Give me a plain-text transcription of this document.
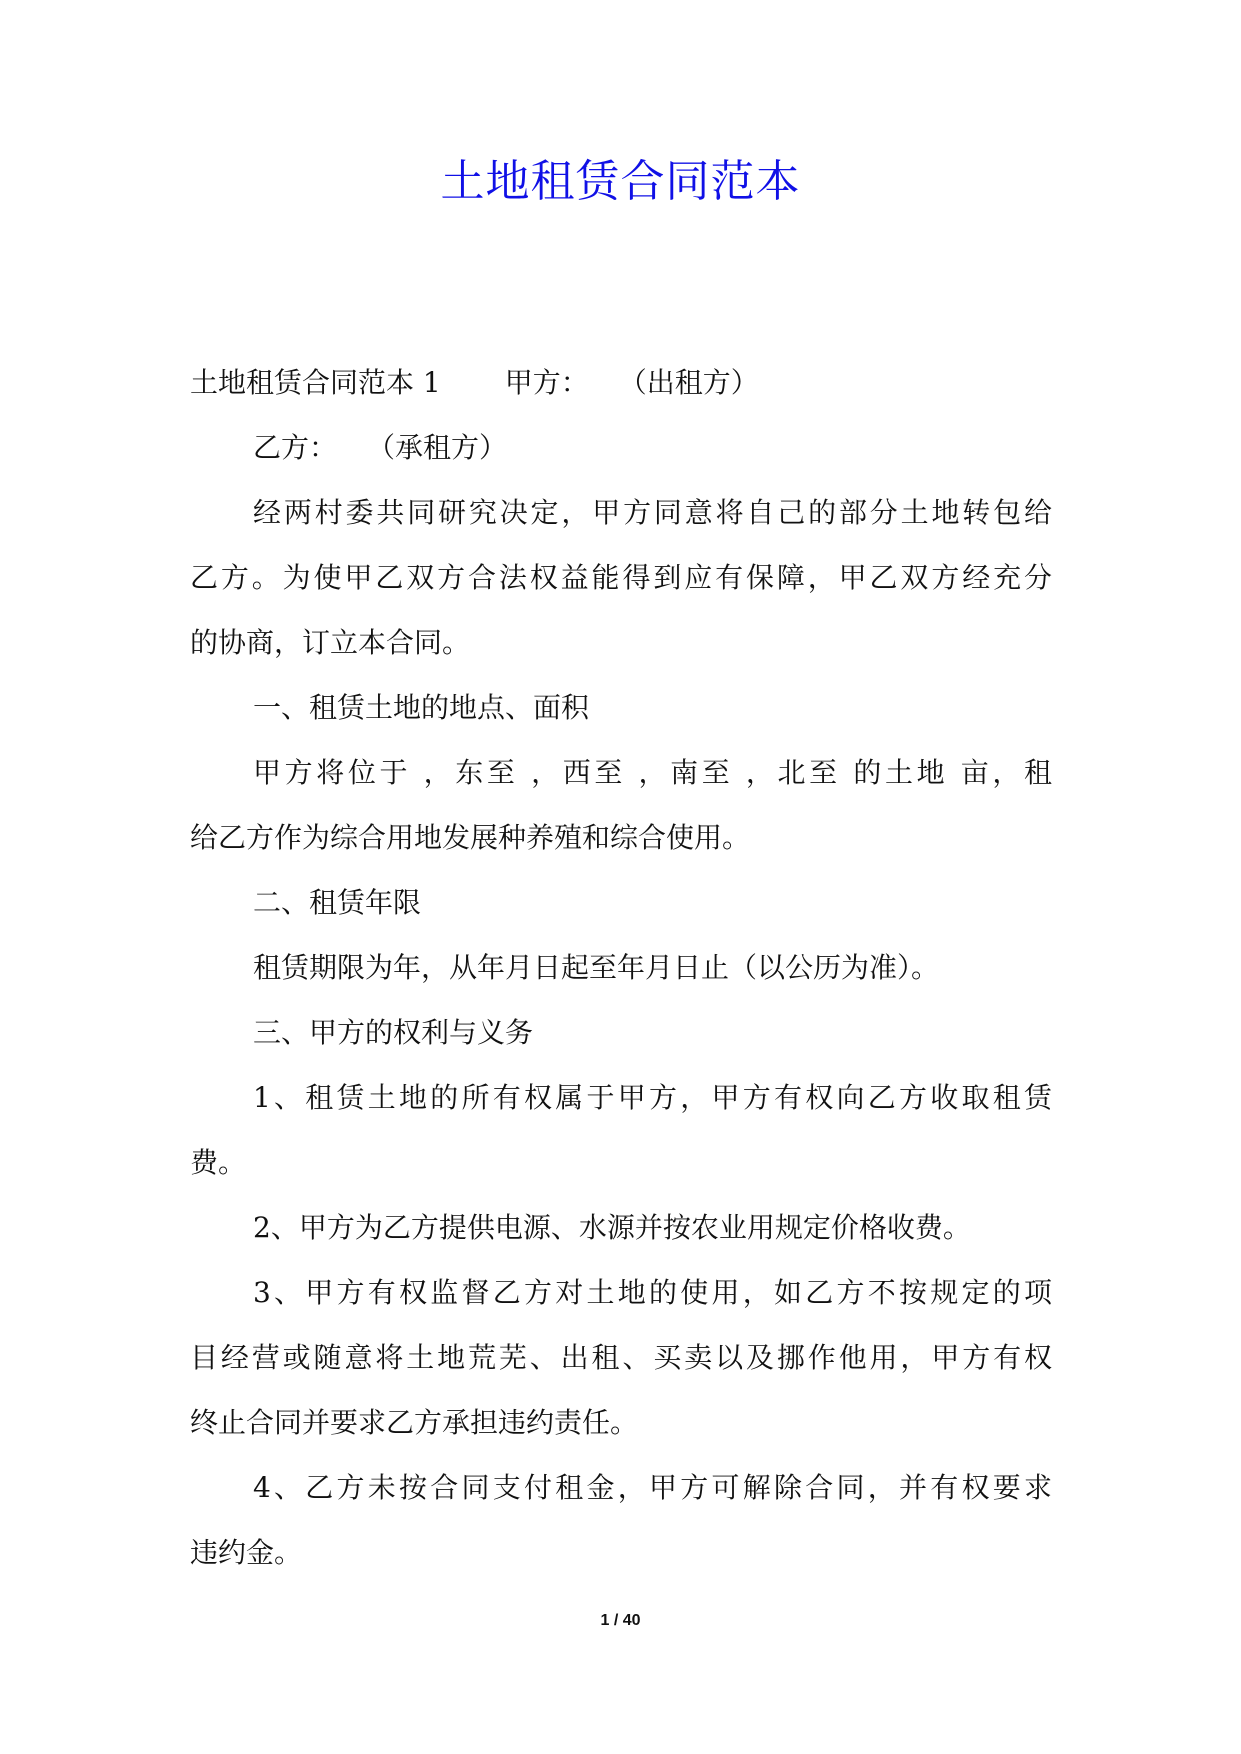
土地租赁合同范本
土地租赁合同范本 1 甲方： （出租方）
乙方： （承租方）
经两村委共同研究决定，甲方同意将自己的部分土地转包给
乙方。为使甲乙双方合法权益能得到应有保障，甲乙双方经充分
的协商，订立本合同。
一、租赁土地的地点、面积
甲方将位于 ，东至 ，西至 ，南至 ，北至 的土地 亩，租
给乙方作为综合用地发展种养殖和综合使用。
二、租赁年限
租赁期限为年，从年月日起至年月日止（以公历为准）。
三、甲方的权利与义务
1、租赁土地的所有权属于甲方，甲方有权向乙方收取租赁
费。
2、甲方为乙方提供电源、水源并按农业用规定价格收费。
3、甲方有权监督乙方对土地的使用，如乙方不按规定的项
目经营或随意将土地荒芜、出租、买卖以及挪作他用，甲方有权
终止合同并要求乙方承担违约责任。
4、乙方未按合同支付租金，甲方可解除合同，并有权要求
违约金。
1 / 40
